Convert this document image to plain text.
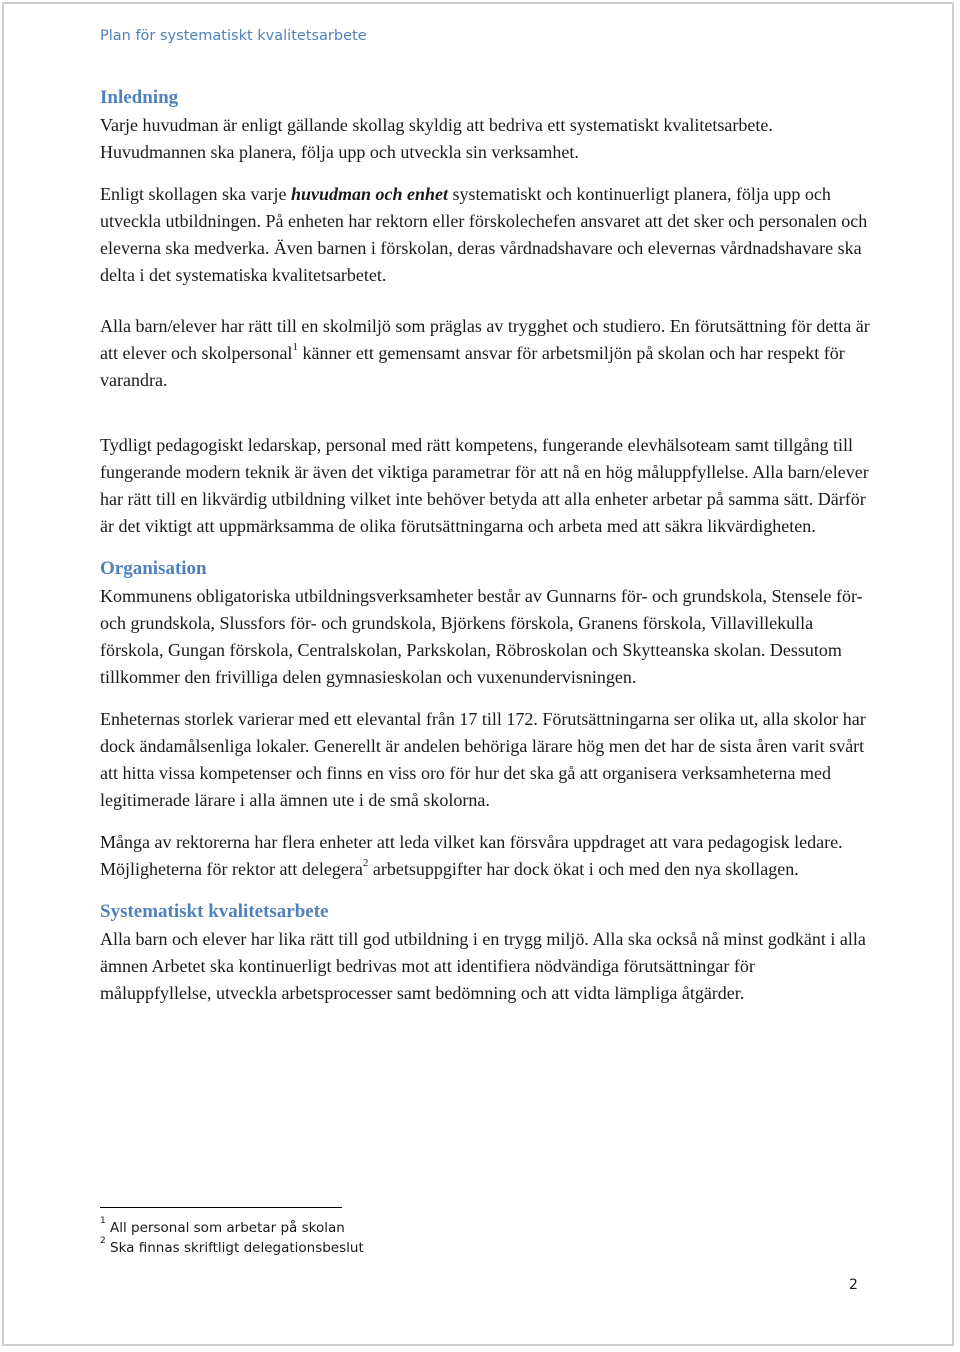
Plan för systematiskt kvalitetsarbete
Inledning

Varje huvudman är enligt gällande skollag skyldig att bedriva ett systematiskt kvalitetsarbete. Huvudmannen ska planera, följa upp och utveckla sin verksamhet.

Enligt skollagen ska varje huvudman och enhet systematiskt och kontinuerligt planera, följa upp och utveckla utbildningen. På enheten har rektorn eller förskolechefen ansvaret att det sker och personalen och eleverna ska medverka. Även barnen i förskolan, deras vårdnadshavare och elevernas vårdnadshavare ska delta i det systematiska kvalitetsarbetet.

Alla barn/elever har rätt till en skolmiljö som präglas av trygghet och studiero. En förutsättning för detta är att elever och skolpersonal$^1$ känner ett gemensamt ansvar för arbetsmiljön på skolan och har respekt för varandra.

Tydligt pedagogiskt ledarskap, personal med rätt kompetens, fungerande elevhälsoteam samt tillgång till fungerande modern teknik är även det viktiga parametrar för att nå en hög måluppfyllelse. Alla barn/elever har rätt till en likvärdig utbildning vilket inte behöver betyda att alla enheter arbetar på samma sätt. Därför är det viktigt att uppmärksamma de olika förutsättningarna och arbeta med att säkra likvärdigheten.

Organisation

Kommunens obligatoriska utbildningsverksamheter består av Gunnarns för- och grundskola, Stensele för- och grundskola, Slussfors för- och grundskola, Björkens förskola, Granens förskola, Villavillekulla förskola, Gungan förskola, Centralskolan, Parkskolan, Röbroskolan och Skytteanska skolan. Dessutom tillkommer den frivilliga delen gymnasieskolan och vuxenundervisningen.

Enheternas storlek varierar med ett elevantal från 17 till 172. Förutsättningarna ser olika ut, alla skolor har dock ändamålsenliga lokaler. Generellt är andelen behöriga lärare hög men det har de sista åren varit svårt att hitta vissa kompetenser och finns en viss oro för hur det ska gå att organisera verksamheterna med legitimerade lärare i alla ämnen ute i de små skolorna.

Många av rektorerna har flera enheter att leda vilket kan försvåra uppdraget att vara pedagogisk ledare. Möjligheterna för rektor att delegera$^2$ arbetsuppgifter har dock ökat i och med den nya skollagen.

Systematiskt kvalitetsarbete

Alla barn och elever har lika rätt till god utbildning i en trygg miljö. Alla ska också nå minst godkänt i alla ämnen Arbetet ska kontinuerligt bedrivas mot att identifiera nödvändiga förutsättningar för måluppfyllelse, utveckla arbetsprocesser samt bedömning och att vidta lämpliga åtgärder.

$^1$ All personal som arbetar på skolan
$^2$ Ska finnas skriftligt delegationsbeslut
2
